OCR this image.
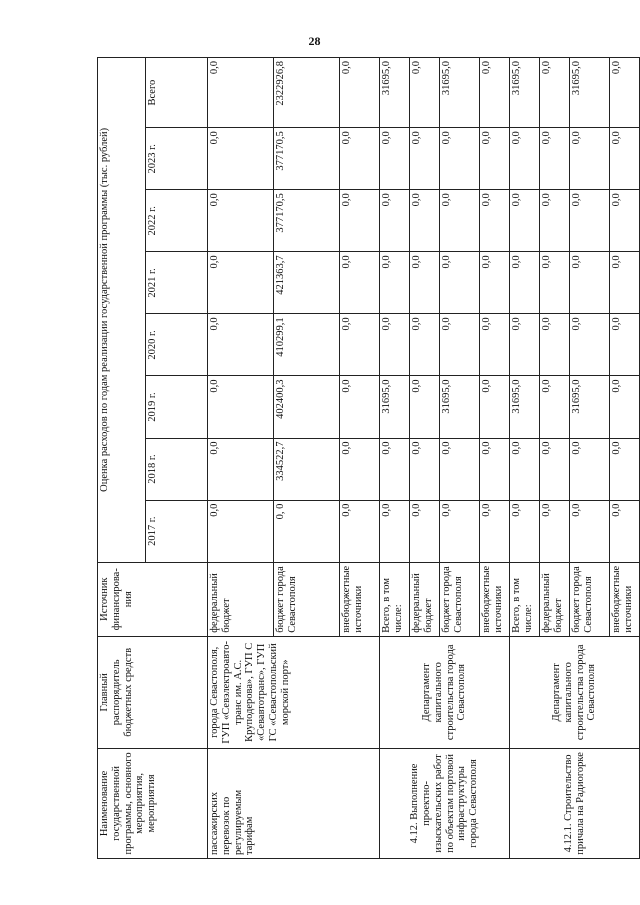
28
Наименование государственной программы, основного мероприятия, мероприятия	Главный распорядитель бюджетных средств	Источник финансирова-ния	Оценка расходов по годам реализации государственной программы (тыс. рублей)							
			2017 г.	2018 г.	2019 г.	2020 г.	2021 г.	2022 г.	2023 г.	Всего
пассажирских перевозок по регулируемым тарифам	города Севастополя, ГУП «Севэлектроавто-транс им. А.С. Круподерова», ГУП С «Севавтотранс», ГУП ГС «Севастопольский морской порт»	федеральный бюджет	0,0	0,0	0,0	0,0	0,0	0,0	0,0	0,0
		бюджет города Севастополя	0, 0	334522,7	402400,3	410299,1	421363,7	377170,5	377170,5	2322926,8
		внебюджетные источники	0,0	0,0	0,0	0,0	0,0	0,0	0,0	0,0
4.12. Выполнение проектно-изыскательских работ по объектам портовой инфраструктуры города Севастополя	Департамент капитального строительства города Севастополя	Всего, в том числе:	0,0	0,0	31695,0	0,0	0,0	0,0	0,0	31695,0
		федеральный бюджет	0,0	0,0	0,0	0,0	0,0	0,0	0,0	0,0
		бюджет города Севастополя	0,0	0,0	31695,0	0,0	0,0	0,0	0,0	31695,0
		внебюджетные источники	0,0	0,0	0,0	0,0	0,0	0,0	0,0	0,0
4.12.1. Строительство причала на Радиогорке	Департамент капитального строительства города Севастополя	Всего, в том числе:	0,0	0,0	31695,0	0,0	0,0	0,0	0,0	31695,0
		федеральный бюджет	0,0	0,0	0,0	0,0	0,0	0,0	0,0	0,0
		бюджет города Севастополя	0,0	0,0	31695,0	0,0	0,0	0,0	0,0	31695,0
		внебюджетные источники	0,0	0,0	0,0	0,0	0,0	0,0	0,0	0,0
